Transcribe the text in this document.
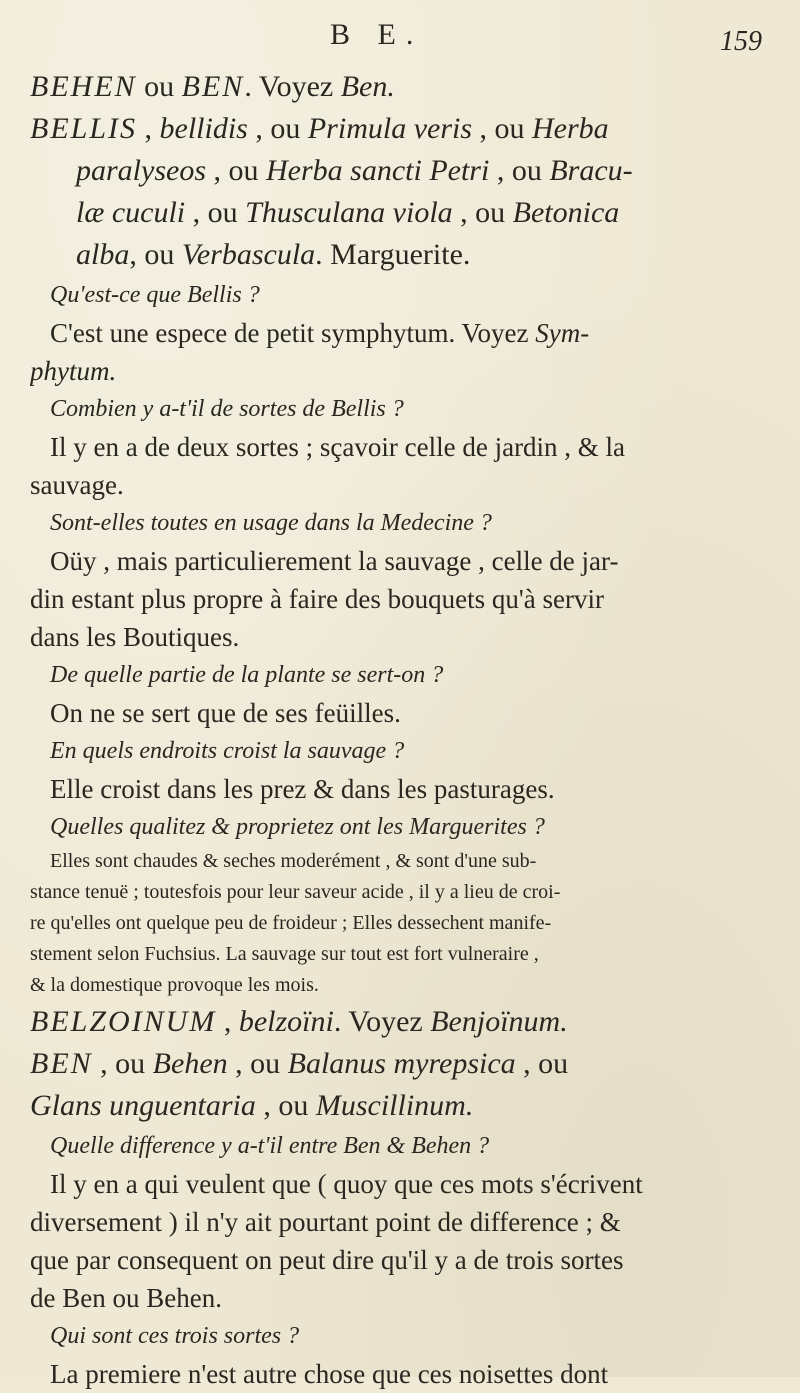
B E.	159
BEHEN ou BEN. Voyez Ben.
BELLIS , bellidis , ou Primula veris , ou Herba
paralyseos , ou Herba sancti Petri , ou Bracu-
læ cuculi , ou Thusculana viola , ou Betonica
alba, ou Verbascula. Marguerite.
Qu'est-ce que Bellis ?
C'est une espece de petit symphytum. Voyez Sym-
phytum.
Combien y a-t'il de sortes de Bellis ?
Il y en a de deux sortes ; sçavoir celle de jardin , & la
sauvage.
Sont-elles toutes en usage dans la Medecine ?
Oüy , mais particulierement la sauvage , celle de jar-
din estant plus propre à faire des bouquets qu'à servir
dans les Boutiques.
De quelle partie de la plante se sert-on ?
On ne se sert que de ses feüilles.
En quels endroits croist la sauvage ?
Elle croist dans les prez & dans les pasturages.
Quelles qualitez & proprietez ont les Marguerites ?
Elles sont chaudes & seches moderément , & sont d'une sub-
stance tenuë ; toutesfois pour leur saveur acide , il y a lieu de croi-
re qu'elles ont quelque peu de froideur ; Elles dessechent manife-
stement selon Fuchsius. La sauvage sur tout est fort vulneraire ,
& la domestique provoque les mois.
BELZOINUM , belzoïni. Voyez Benjoïnum.
BEN , ou Behen , ou Balanus myrepsica , ou
Glans unguentaria , ou Muscillinum.
Quelle difference y a-t'il entre Ben & Behen ?
Il y en a qui veulent que ( quoy que ces mots s'écrivent
diversement ) il n'y ait pourtant point de difference ; &
que par consequent on peut dire qu'il y a de trois sortes
de Ben ou Behen.
Qui sont ces trois sortes ?
La premiere n'est autre chose que ces noisettes dont
